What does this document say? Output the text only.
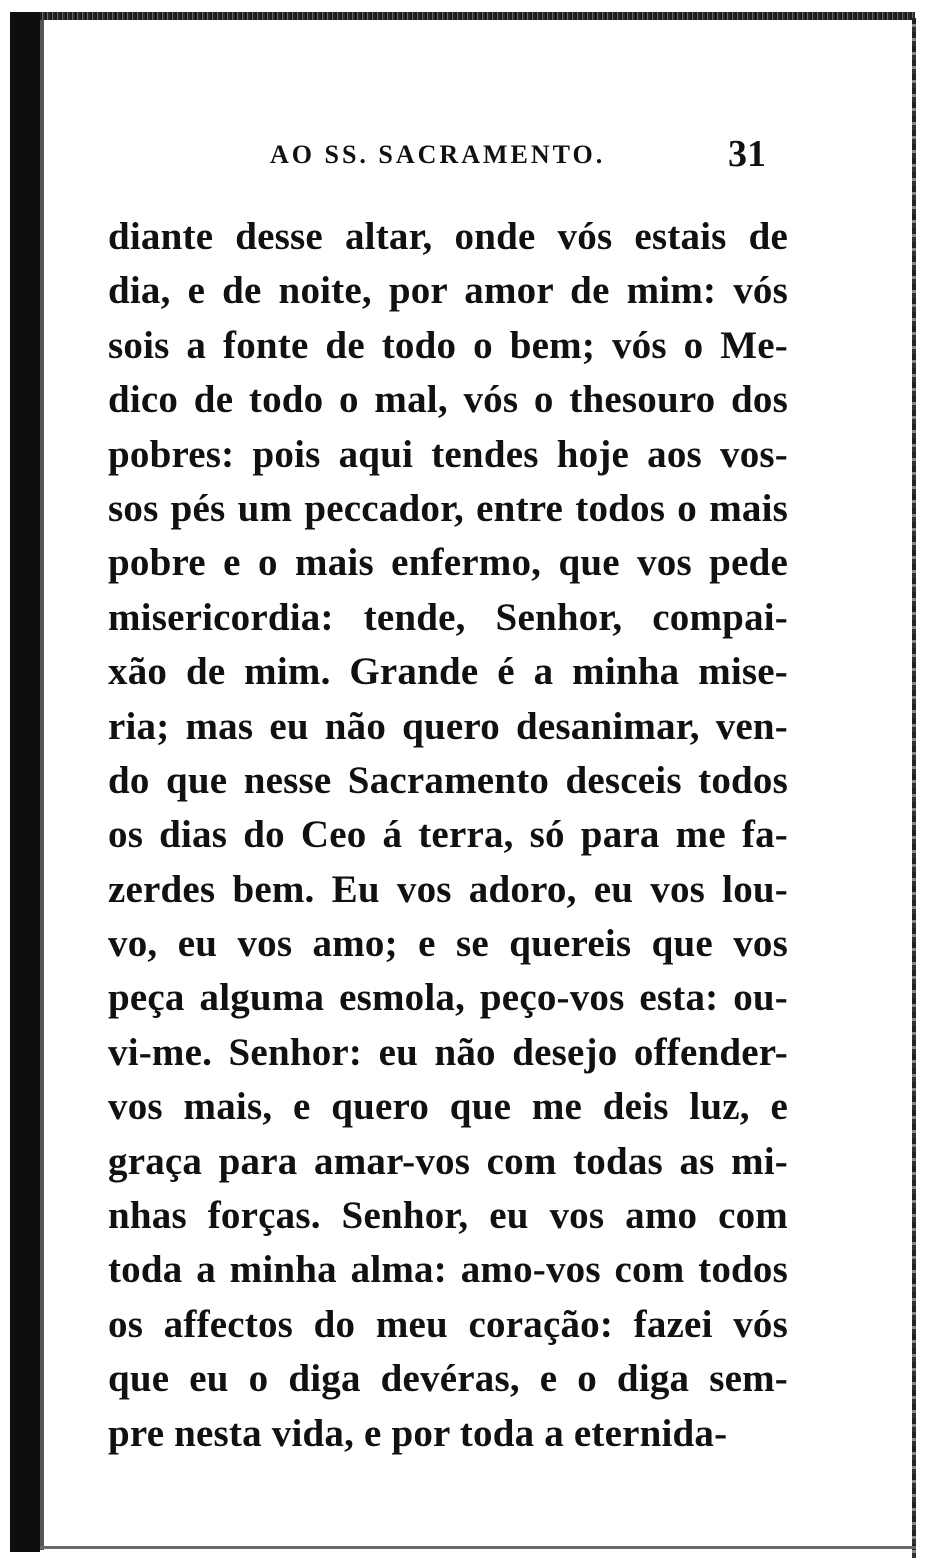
AO SS. SACRAMENTO.	31
diante desse altar, onde vós estais de
dia, e de noite, por amor de mim: vós
sois a fonte de todo o bem; vós o Me-
dico de todo o mal, vós o thesouro dos
pobres: pois aqui tendes hoje aos vos-
sos pés um peccador, entre todos o mais
pobre e o mais enfermo, que vos pede
misericordia: tende, Senhor, compai-
xão de mim. Grande é a minha mise-
ria; mas eu não quero desanimar, ven-
do que nesse Sacramento desceis todos
os dias do Ceo á terra, só para me fa-
zerdes bem. Eu vos adoro, eu vos lou-
vo, eu vos amo; e se quereis que vos
peça alguma esmola, peço-vos esta: ou-
vi-me. Senhor: eu não desejo offender-
vos mais, e quero que me deis luz, e
graça para amar-vos com todas as mi-
nhas forças. Senhor, eu vos amo com
toda a minha alma: amo-vos com todos
os affectos do meu coração: fazei vós
que eu o diga devéras, e o diga sem-
pre nesta vida, e por toda a eternida-
